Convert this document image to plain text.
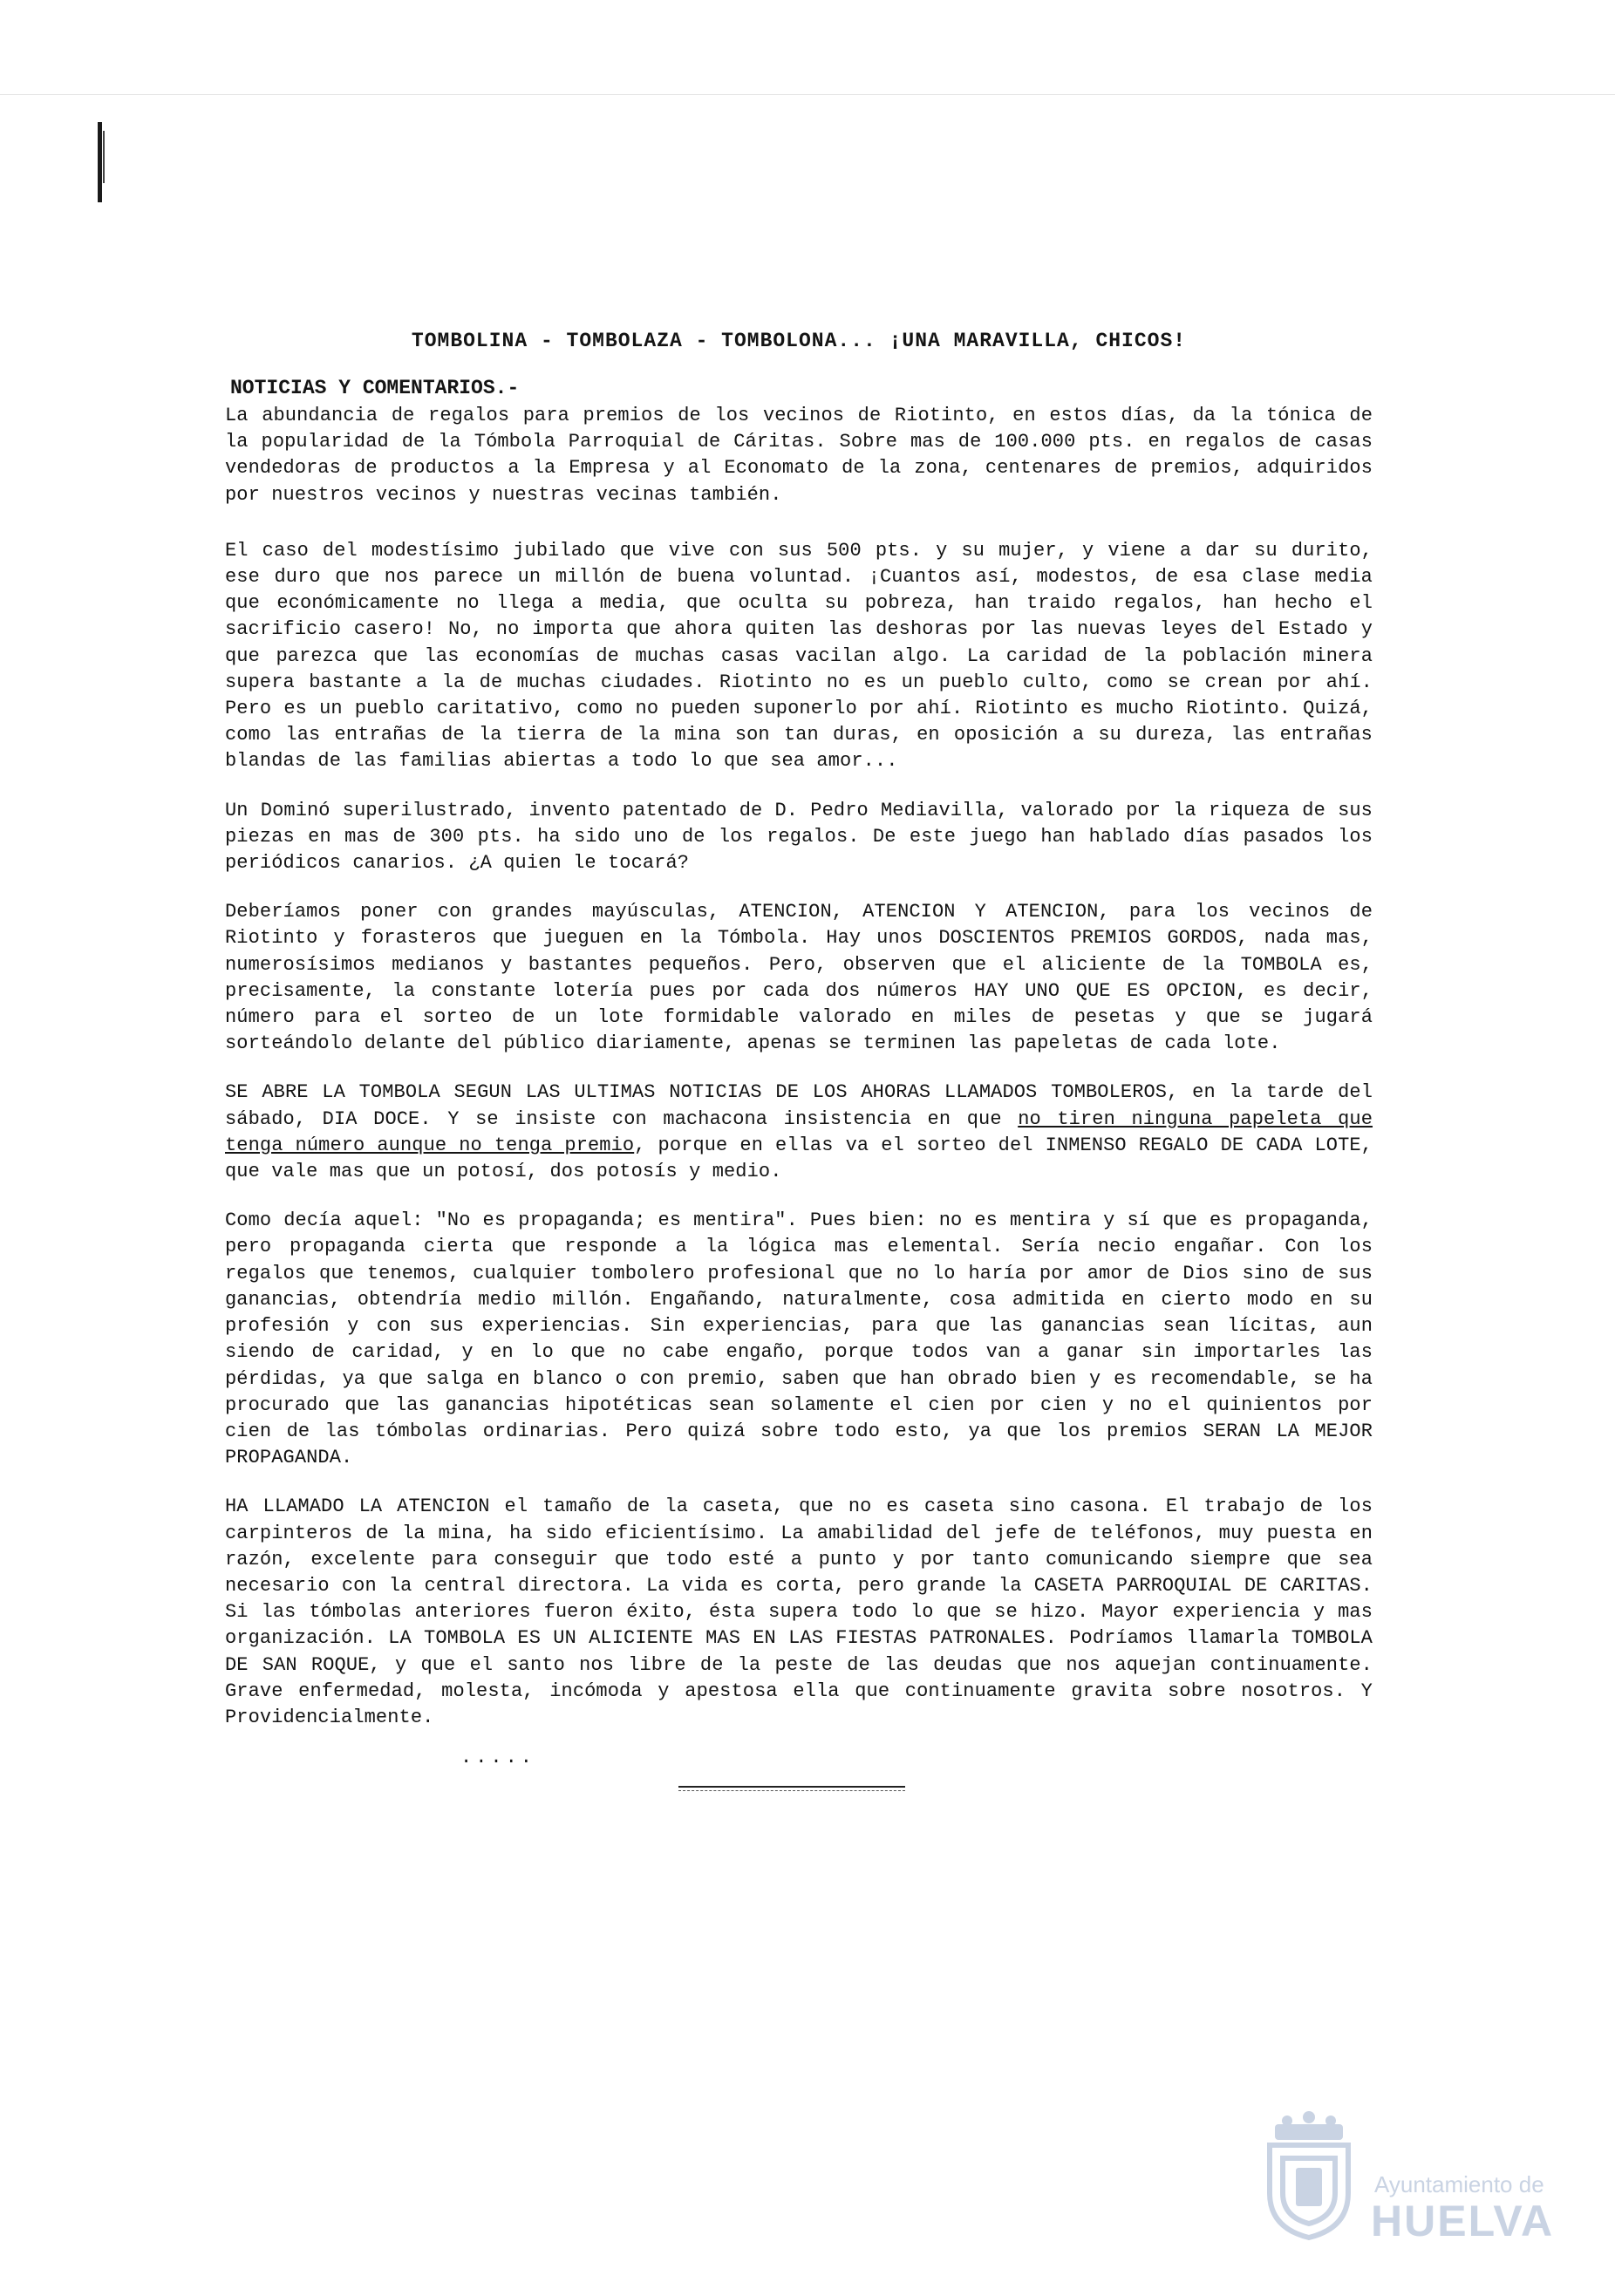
TOMBOLINA - TOMBOLAZA - TOMBOLONA... ¡UNA MARAVILLA, CHICOS!
NOTICIAS Y COMENTARIOS.-

La abundancia de regalos para premios de los vecinos de Riotinto, en estos días, da la tónica de la popularidad de la Tómbola Parroquial de Cáritas. Sobre mas de 100.000 pts. en regalos de casas vendedoras de productos a la Empresa y al Economato de la zona, centenares de premios, adquiridos por nuestros vecinos y nuestras vecinas también.

El caso del modestísimo jubilado que vive con sus 500 pts. y su mujer, y viene a dar su durito, ese duro que nos parece un millón de buena voluntad. ¡Cuantos así, modestos, de esa clase media que económicamente no llega a media, que oculta su pobreza, han traido regalos, han hecho el sacrificio casero! No, no importa que ahora quiten las deshoras por las nuevas leyes del Estado y que parezca que las economías de muchas casas vacilan algo. La caridad de la población minera supera bastante a la de muchas ciudades. Riotinto no es un pueblo culto, como se crean por ahí. Pero es un pueblo caritativo, como no pueden suponerlo por ahí. Riotinto es mucho Riotinto. Quizá, como las entrañas de la tierra de la mina son tan duras, en oposición a su dureza, las entrañas blandas de las familias abiertas a todo lo que sea amor...

Un Dominó superilustrado, invento patentado de D. Pedro Mediavilla, valorado por la riqueza de sus piezas en mas de 300 pts. ha sido uno de los regalos. De este juego han hablado días pasados los periódicos canarios. ¿A quien le tocará?

Deberíamos poner con grandes mayúsculas, ATENCION, ATENCION Y ATENCION, para los vecinos de Riotinto y forasteros que jueguen en la Tómbola. Hay unos DOSCIENTOS PREMIOS GORDOS, nada mas, numerosísimos medianos y bastantes pequeños. Pero, observen que el aliciente de la TOMBOLA es, precisamente, la constante lotería pues por cada dos números HAY UNO QUE ES OPCION, es decir, número para el sorteo de un lote formidable valorado en miles de pesetas y que se jugará sorteándolo delante del público diariamente, apenas se terminen las papeletas de cada lote.

SE ABRE LA TOMBOLA SEGUN LAS ULTIMAS NOTICIAS DE LOS AHORAS LLAMADOS TOMBOLEROS, en la tarde del sábado, DIA DOCE. Y se insiste con machacona insistencia en que no tiren ninguna papeleta que tenga número aunque no tenga premio, porque en ellas va el sorteo del INMENSO REGALO DE CADA LOTE, que vale mas que un potosí, dos potosís y medio.

Como decía aquel: "No es propaganda; es mentira". Pues bien: no es mentira y sí que es propaganda, pero propaganda cierta que responde a la lógica mas elemental. Sería necio engañar. Con los regalos que tenemos, cualquier tombolero profesional que no lo haría por amor de Dios sino de sus ganancias, obtendría medio millón. Engañando, naturalmente, cosa admitida en cierto modo en su profesión y con sus experiencias. Sin experiencias, para que las ganancias sean lícitas, aun siendo de caridad, y en lo que no cabe engaño, porque todos van a ganar sin importarles las pérdidas, ya que salga en blanco o con premio, saben que han obrado bien y es recomendable, se ha procurado que las ganancias hipotéticas sean solamente el cien por cien y no el quinientos por cien de las tómbolas ordinarias. Pero quizá sobre todo esto, ya que los premios SERAN LA MEJOR PROPAGANDA.

HA LLAMADO LA ATENCION el tamaño de la caseta, que no es caseta sino casona. El trabajo de los carpinteros de la mina, ha sido eficientísimo. La amabilidad del jefe de teléfonos, muy puesta en razón, excelente para conseguir que todo esté a punto y por tanto comunicando siempre que sea necesario con la central directora. La vida es corta, pero grande la CASETA PARROQUIAL DE CARITAS. Si las tómbolas anteriores fueron éxito, ésta supera todo lo que se hizo. Mayor experiencia y mas organización. LA TOMBOLA ES UN ALICIENTE MAS EN LAS FIESTAS PATRONALES. Podríamos llamarla TOMBOLA DE SAN ROQUE, y que el santo nos libre de la peste de las deudas que nos aquejan continuamente. Grave enfermedad, molesta, incómoda y apestosa ella que continuamente gravita sobre nosotros. Y Providencialmente.

.....
Ayuntamiento de
HUELVA
